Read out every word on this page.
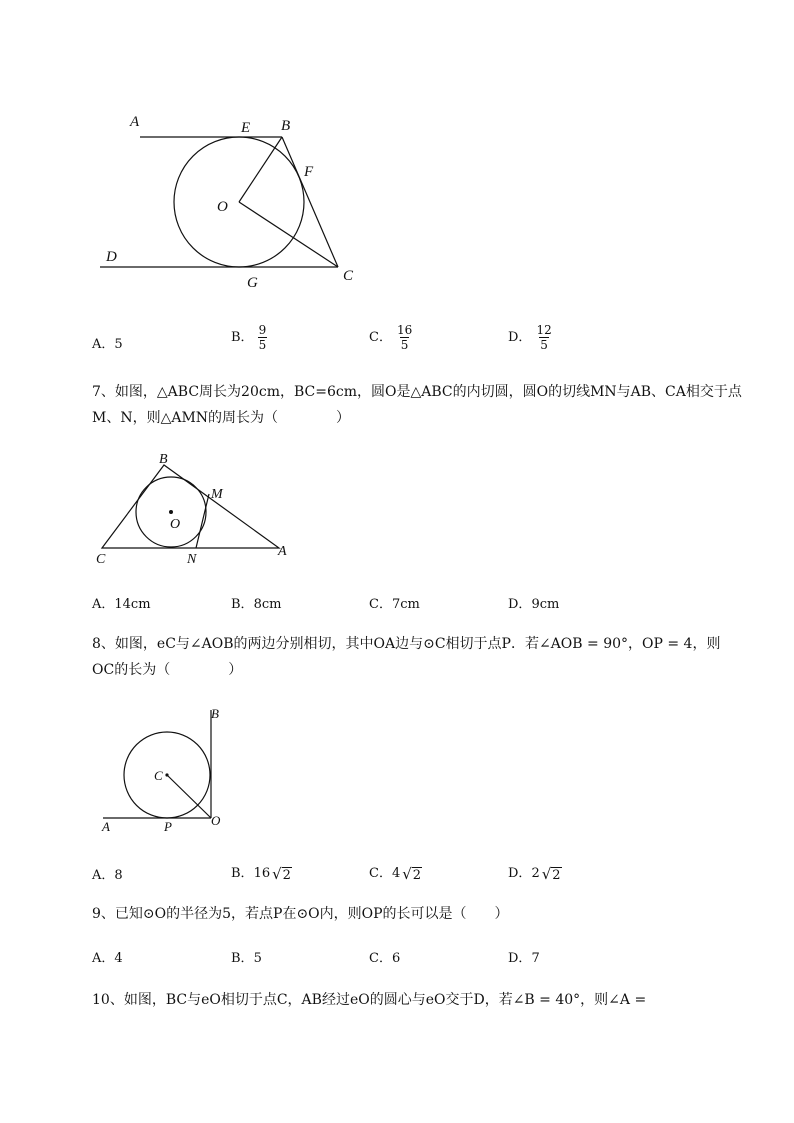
A	E B
F
O
D
G	C
A．5	B． $\frac{9}{5}$	C． $\frac{16}{5}$	D． $\frac{12}{5}$
7、如图，△ABC周长为20cm，BC=6cm，圆O是△ABC的内切圆，圆O的切线MN与AB、CA相交于点
M、N，则△AMN的周长为（	）
B
M
O
C	N
A
A．14cm	B．8cm	C．7cm	D．9cm
8、如图，eC与∠AOB的两边分别相切，其中OA边与⊙C相切于点P．若∠AOB = 90°，OP = 4，则
OC的长为（	）
B
C
A	P	O
A．8	B．16 √2	C．4 √2	D．2 √2
9、已知⊙O的半径为5，若点P在⊙O内，则OP的长可以是（　　）
A．4	B．5	C．6	D．7
10、如图，BC与eO相切于点C，AB经过eO的圆心与eO交于D，若∠B = 40°，则∠A =
